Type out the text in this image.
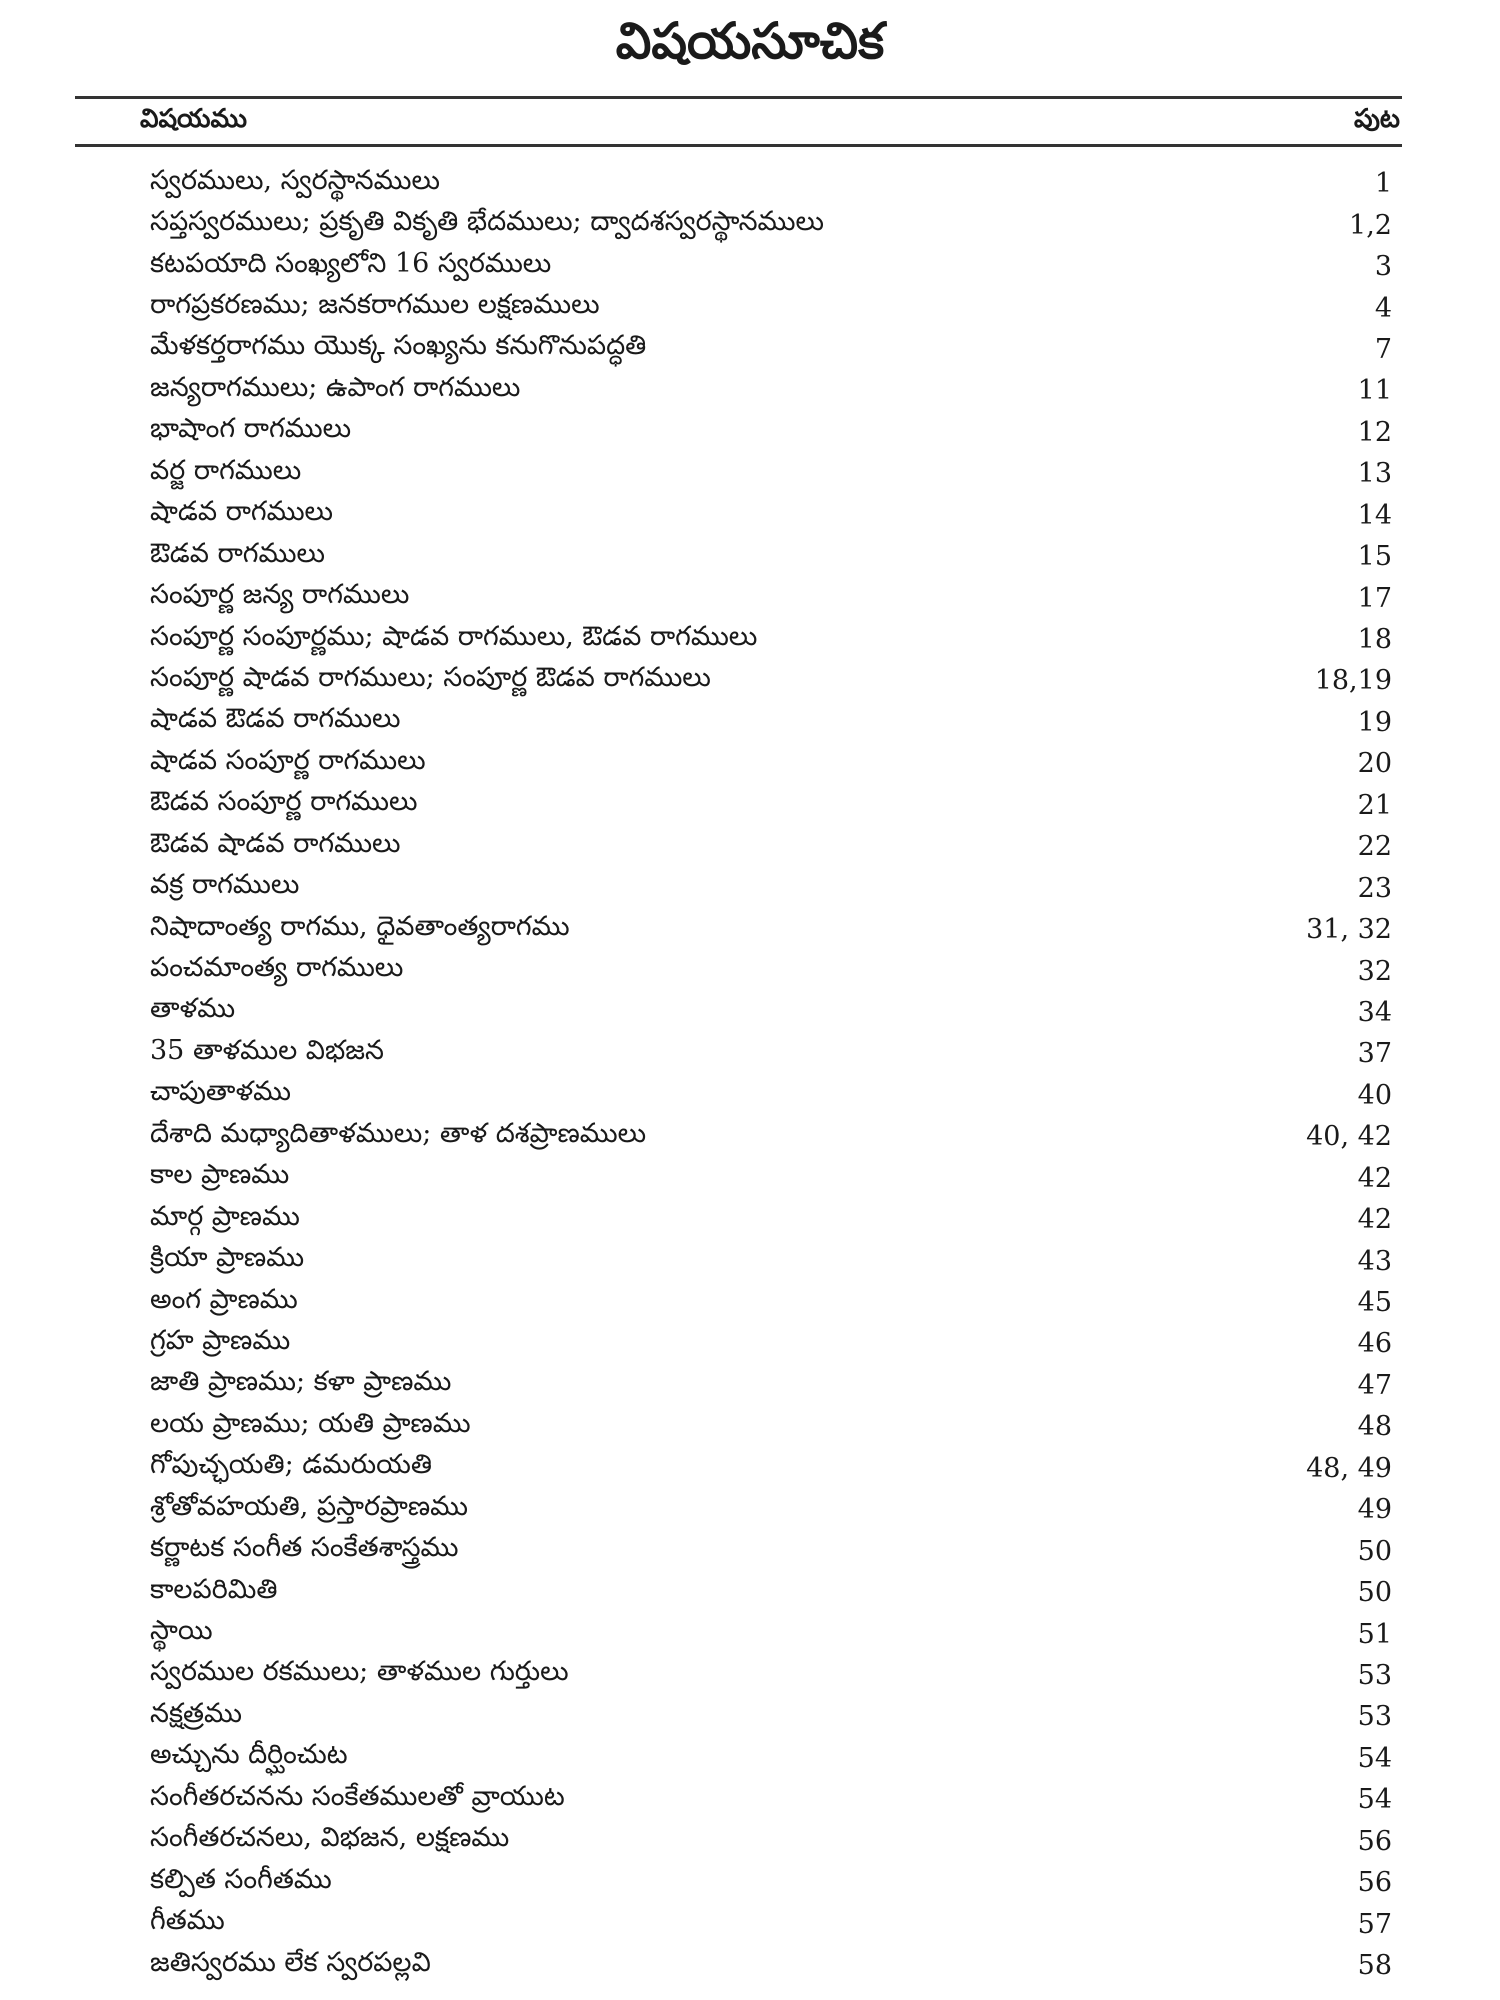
విషయసూచిక
విషయము	పుట
స్వరములు, స్వరస్థానములు	1
సప్తస్వరములు; ప్రకృతి వికృతి భేదములు; ద్వాదశస్వరస్థానములు	1,2
కటపయాది సంఖ్యలోని 16 స్వరములు	3
రాగప్రకరణము; జనకరాగముల లక్షణములు	4
మేళకర్తరాగము యొక్క సంఖ్యను కనుగొనుపద్ధతి	7
జన్యరాగములు; ఉపాంగ రాగములు	11
భాషాంగ రాగములు	12
వర్జ రాగములు	13
షాడవ రాగములు	14
ఔడవ రాగములు	15
సంపూర్ణ జన్య రాగములు	17
సంపూర్ణ సంపూర్ణము; షాడవ రాగములు, ఔడవ రాగములు	18
సంపూర్ణ షాడవ రాగములు; సంపూర్ణ ఔడవ రాగములు	18,19
షాడవ ఔడవ రాగములు	19
షాడవ సంపూర్ణ రాగములు	20
ఔడవ సంపూర్ణ రాగములు	21
ఔడవ షాడవ రాగములు	22
వక్ర రాగములు	23
నిషాదాంత్య రాగము, ధైవతాంత్యరాగము	31, 32
పంచమాంత్య రాగములు	32
తాళము	34
35 తాళముల విభజన	37
చాపుతాళము	40
దేశాది మధ్యాదితాళములు; తాళ దశప్రాణములు	40, 42
కాల ప్రాణము	42
మార్గ ప్రాణము	42
క్రియా ప్రాణము	43
అంగ ప్రాణము	45
గ్రహ ప్రాణము	46
జాతి ప్రాణము; కళా ప్రాణము	47
లయ ప్రాణము; యతి ప్రాణము	48
గోపుచ్ఛయతి; డమరుయతి	48, 49
శ్రోతోవహయతి, ప్రస్తారప్రాణము	49
కర్ణాటక సంగీత సంకేతశాస్త్రము	50
కాలపరిమితి	50
స్థాయి	51
స్వరముల రకములు; తాళముల గుర్తులు	53
నక్షత్రము	53
అచ్చును దీర్ఘించుట	54
సంగీతరచనను సంకేతములతో వ్రాయుట	54
సంగీతరచనలు, విభజన, లక్షణము	56
కల్పిత సంగీతము	56
గీతము	57
జతిస్వరము లేక స్వరపల్లవి	58
